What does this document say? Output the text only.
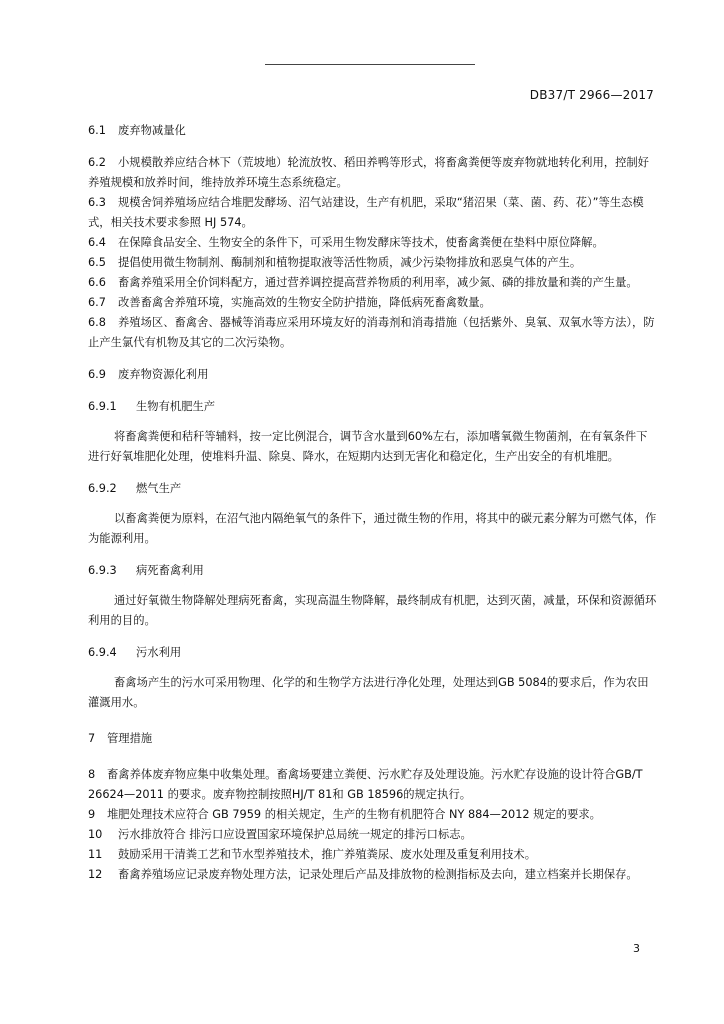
DB37/T 2966—2017

6.1 废弃物减量化

6.2 小规模散养应结合林下（荒坡地）轮流放牧、稻田养鸭等形式，将畜禽粪便等废弃物就地转化利用，控制好养殖规模和放养时间，维持放养环境生态系统稳定。

6.3 规模舍饲养殖场应结合堆肥发酵场、沼气站建设，生产有机肥，采取“猪沼果（菜、菌、药、花）”等生态模式，相关技术要求参照 HJ 574。

6.4 在保障食品安全、生物安全的条件下，可采用生物发酵床等技术，使畜禽粪便在垫料中原位降解。

6.5 提倡使用微生物制剂、酶制剂和植物提取液等活性物质，减少污染物排放和恶臭气体的产生。

6.6 畜禽养殖采用全价饲料配方，通过营养调控提高营养物质的利用率，减少氮、磷的排放量和粪的产生量。

6.7 改善畜禽舍养殖环境，实施高效的生物安全防护措施，降低病死畜禽数量。

6.8 养殖场区、畜禽舍、器械等消毒应采用环境友好的消毒剂和消毒措施（包括紫外、臭氧、双氧水等方法），防止产生氯代有机物及其它的二次污染物。

6.9 废弃物资源化利用

6.9.1 生物有机肥生产

将畜禽粪便和秸秆等辅料，按一定比例混合，调节含水量到60%左右，添加嗜氧微生物菌剂，在有氧条件下进行好氧堆肥化处理，使堆料升温、除臭、降水，在短期内达到无害化和稳定化，生产出安全的有机堆肥。

6.9.2 燃气生产

以畜禽粪便为原料，在沼气池内隔绝氧气的条件下，通过微生物的作用，将其中的碳元素分解为可燃气体，作为能源利用。

6.9.3 病死畜禽利用

通过好氧微生物降解处理病死畜禽，实现高温生物降解，最终制成有机肥，达到灭菌，减量，环保和资源循环利用的目的。

6.9.4 污水利用

畜禽场产生的污水可采用物理、化学的和生物学方法进行净化处理，处理达到GB 5084的要求后，作为农田灌溉用水。

7 管理措施

8 畜禽养体废弃物应集中收集处理。畜禽场要建立粪便、污水贮存及处理设施。污水贮存设施的设计符合GB/T 26624—2011 的要求。废弃物控制按照HJ/T 81和 GB 18596的规定执行。

9 堆肥处理技术应符合 GB 7959 的相关规定，生产的生物有机肥符合 NY 884—2012 规定的要求。

10 污水排放符合 排污口应设置国家环境保护总局统一规定的排污口标志。

11 鼓励采用干清粪工艺和节水型养殖技术，推广养殖粪尿、废水处理及重复利用技术。

12 畜禽养殖场应记录废弃物处理方法，记录处理后产品及排放物的检测指标及去向，建立档案并长期保存。

3
